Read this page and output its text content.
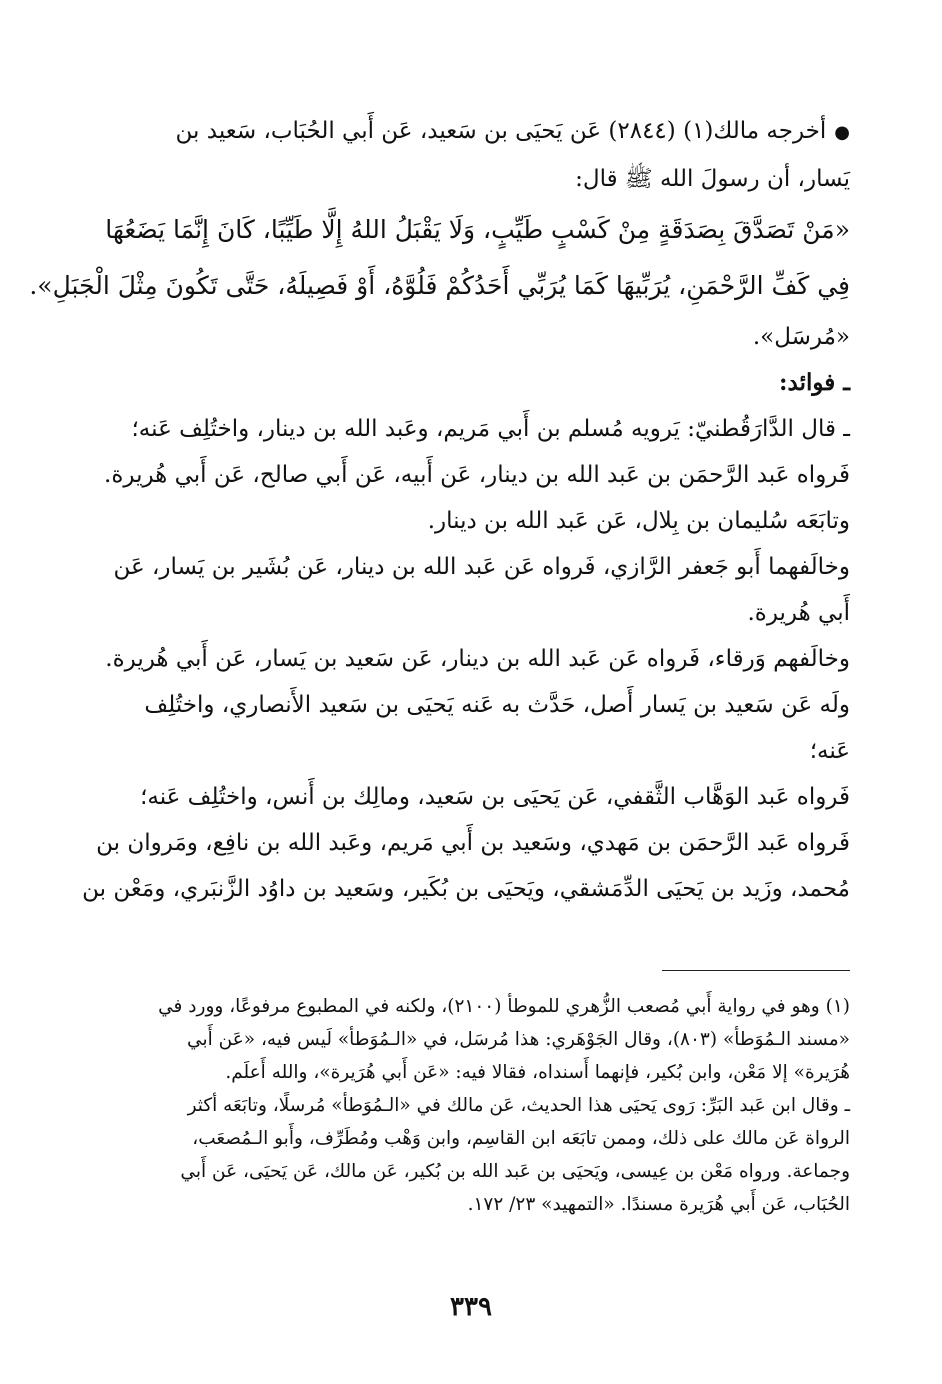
●أخرجه مالك(١) (٢٨٤٤) عَن يَحيَى بن سَعيد، عَن أَبي الحُبَاب، سَعيد بن
يَسار، أن رسولَ الله ﷺ قال:
«مَنْ تَصَدَّقَ بِصَدَقَةٍ مِنْ كَسْبٍ طَيِّبٍ، وَلَا يَقْبَلُ اللهُ إِلَّا طَيِّبًا، كَانَ إِنَّمَا يَضَعُهَا
فِي كَفِّ الرَّحْمَنِ، يُرَبِّيهَا كَمَا يُرَبِّي أَحَدُكُمْ فَلُوَّهُ، أَوْ فَصِيلَهُ، حَتَّى تَكُونَ مِثْلَ الْجَبَلِ».
«مُرسَل».
ـ فوائد:
ـ قال الدَّارَقُطنيّ: يَرويه مُسلم بن أَبي مَريم، وعَبد الله بن دينار، واختُلِف عَنه؛
فَرواه عَبد الرَّحمَن بن عَبد الله بن دينار، عَن أَبيه، عَن أَبي صالح، عَن أَبي هُريرة.
وتابَعَه سُليمان بن بِلال، عَن عَبد الله بن دينار.
وخالَفهما أَبو جَعفر الرَّازي، فَرواه عَن عَبد الله بن دينار، عَن بُشَير بن يَسار، عَن
أَبي هُريرة.
وخالَفهم وَرقاء، فَرواه عَن عَبد الله بن دينار، عَن سَعيد بن يَسار، عَن أَبي هُريرة.
ولَه عَن سَعيد بن يَسار أَصل، حَدَّث به عَنه يَحيَى بن سَعيد الأَنصاري، واختُلِف
عَنه؛
فَرواه عَبد الوَهَّاب الثَّقفي، عَن يَحيَى بن سَعيد، ومالِك بن أَنس، واختُلِف عَنه؛
فَرواه عَبد الرَّحمَن بن مَهدي، وسَعيد بن أَبي مَريم، وعَبد الله بن نافِع، ومَروان بن
مُحمد، وزَيد بن يَحيَى الدِّمَشقي، ويَحيَى بن بُكَير، وسَعيد بن داوُد الزَّنبَري، ومَعْن بن
(١) وهو في رواية أَبي مُصعب الزُّهري للموطأ (٢١٠٠)، ولكنه في المطبوع مرفوعًا، وورد في
«مسند الـمُوَطأ» (٨٠٣)، وقال الجَوْهَري: هذا مُرسَل، في «الـمُوَطأ» لَيس فيه، «عَن أَبي
هُرَيرة» إلا مَعْن، وابن بُكير، فإنهما أَسنداه، فقالا فيه: «عَن أَبي هُرَيرة»، والله أَعلَم.
ـ وقال ابن عَبد البَرِّ: رَوى يَحيَى هذا الحديث، عَن مالك في «الـمُوَطأ» مُرسلًا، وتابَعَه أكثر
الرواة عَن مالك على ذلك، وممن تابَعَه ابن القاسِم، وابن وَهْب ومُطَرِّف، وأَبو الـمُصعَب،
وجماعة. ورواه مَعْن بن عِيسى، ويَحيَى بن عَبد الله بن بُكير، عَن مالك، عَن يَحيَى، عَن أَبي
الحُبَاب، عَن أَبي هُرَيرة مسندًا. «التمهيد» ٢٣/ ١٧٢.
٣٣٩
